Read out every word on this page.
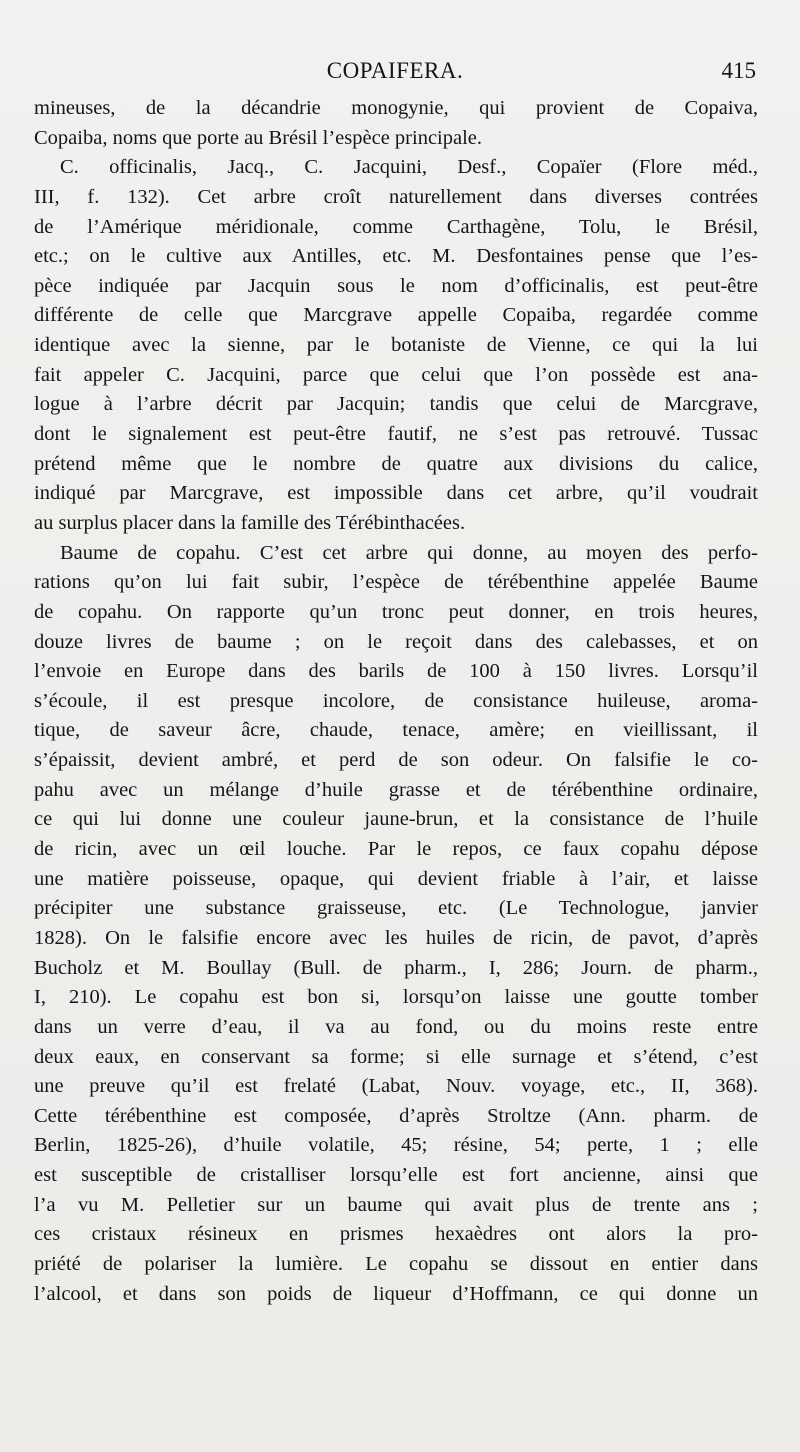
COPAIFERA.	415
mineuses, de la décandrie monogynie, qui provient de Copaiva,
Copaiba, noms que porte au Brésil l’espèce principale.
C. officinalis, Jacq., C. Jacquini, Desf., Copaïer (Flore méd.,
III, f. 132). Cet arbre croît naturellement dans diverses contrées
de l’Amérique méridionale, comme Carthagène, Tolu, le Brésil,
etc.; on le cultive aux Antilles, etc. M. Desfontaines pense que l’es-
pèce indiquée par Jacquin sous le nom d’officinalis, est peut-être
différente de celle que Marcgrave appelle Copaiba, regardée comme
identique avec la sienne, par le botaniste de Vienne, ce qui la lui
fait appeler C. Jacquini, parce que celui que l’on possède est ana-
logue à l’arbre décrit par Jacquin; tandis que celui de Marcgrave,
dont le signalement est peut-être fautif, ne s’est pas retrouvé. Tussac
prétend même que le nombre de quatre aux divisions du calice,
indiqué par Marcgrave, est impossible dans cet arbre, qu’il voudrait
au surplus placer dans la famille des Térébinthacées.
Baume de copahu. C’est cet arbre qui donne, au moyen des perfo-
rations qu’on lui fait subir, l’espèce de térébenthine appelée Baume
de copahu. On rapporte qu’un tronc peut donner, en trois heures,
douze livres de baume ; on le reçoit dans des calebasses, et on
l’envoie en Europe dans des barils de 100 à 150 livres. Lorsqu’il
s’écoule, il est presque incolore, de consistance huileuse, aroma-
tique, de saveur âcre, chaude, tenace, amère; en vieillissant, il
s’épaissit, devient ambré, et perd de son odeur. On falsifie le co-
pahu avec un mélange d’huile grasse et de térébenthine ordinaire,
ce qui lui donne une couleur jaune-brun, et la consistance de l’huile
de ricin, avec un œil louche. Par le repos, ce faux copahu dépose
une matière poisseuse, opaque, qui devient friable à l’air, et laisse
précipiter une substance graisseuse, etc. (Le Technologue, janvier
1828). On le falsifie encore avec les huiles de ricin, de pavot, d’après
Bucholz et M. Boullay (Bull. de pharm., I, 286; Journ. de pharm.,
I, 210). Le copahu est bon si, lorsqu’on laisse une goutte tomber
dans un verre d’eau, il va au fond, ou du moins reste entre
deux eaux, en conservant sa forme; si elle surnage et s’étend, c’est
une preuve qu’il est frelaté (Labat, Nouv. voyage, etc., II, 368).
Cette térébenthine est composée, d’après Stroltze (Ann. pharm. de
Berlin, 1825-26), d’huile volatile, 45; résine, 54; perte, 1 ; elle
est susceptible de cristalliser lorsqu’elle est fort ancienne, ainsi que
l’a vu M. Pelletier sur un baume qui avait plus de trente ans ;
ces cristaux résineux en prismes hexaèdres ont alors la pro-
priété de polariser la lumière. Le copahu se dissout en entier dans
l’alcool, et dans son poids de liqueur d’Hoffmann, ce qui donne un
